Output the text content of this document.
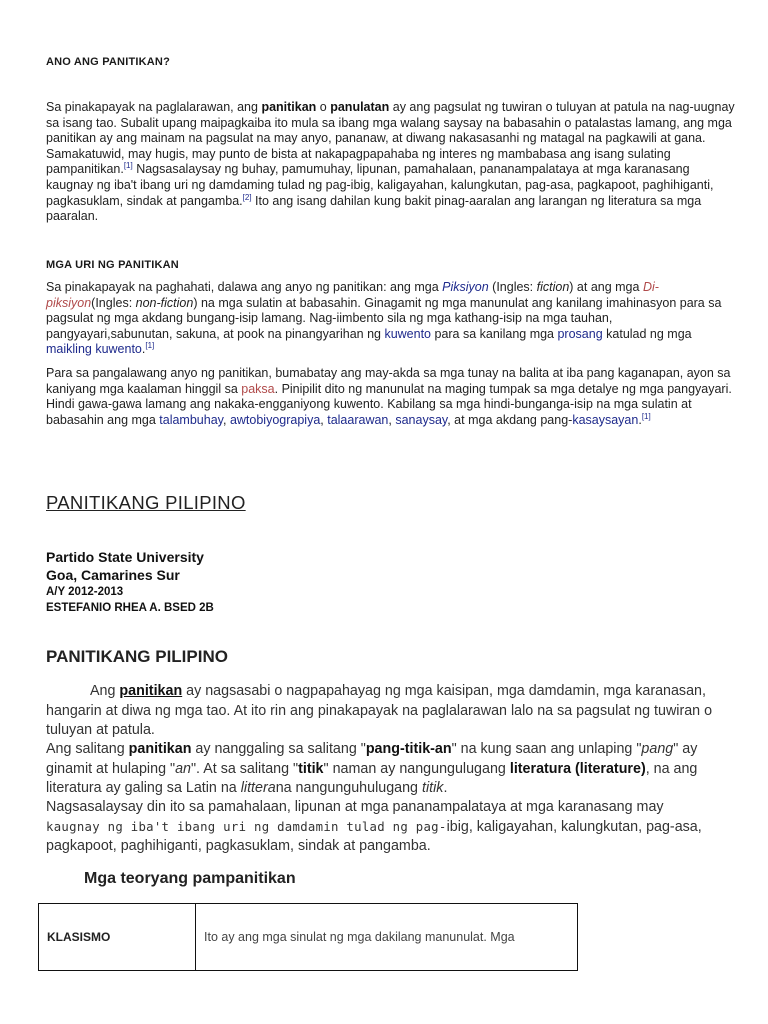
ANO ANG PANITIKAN?
Sa pinakapayak na paglalarawan, ang panitikan o panulatan ay ang pagsulat ng tuwiran o tuluyan at patula na nag-uugnay sa isang tao. Subalit upang maipagkaiba ito mula sa ibang mga walang saysay na babasahin o patalastas lamang, ang mga panitikan ay ang mainam na pagsulat na may anyo, pananaw, at diwang nakasasanhi ng matagal na pagkawili at gana. Samakatuwid, may hugis, may punto de bista at nakapagpapahaba ng interes ng mambabasa ang isang sulating pampanitikan.[1] Nagsasalaysay ng buhay, pamumuhay, lipunan, pamahalaan, pananampalataya at mga karanasang kaugnay ng iba't ibang uri ng damdaming tulad ng pag-ibig, kaligayahan, kalungkutan, pag-asa, pagkapoot, paghihiganti, pagkasuklam, sindak at pangamba.[2] Ito ang isang dahilan kung bakit pinag-aaralan ang larangan ng literatura sa mga paaralan.
MGA URI NG PANITIKAN
Sa pinakapayak na paghahati, dalawa ang anyo ng panitikan: ang mga Piksiyon (Ingles: fiction) at ang mga Di-piksiyon(Ingles: non-fiction) na mga sulatin at babasahin. Ginagamit ng mga manunulat ang kanilang imahinasyon para sa pagsulat ng mga akdang bungang-isip lamang. Nag-iimbento sila ng mga kathang-isip na mga tauhan, pangyayari,sabunutan, sakuna, at pook na pinangyarihan ng kuwento para sa kanilang mga prosang katulad ng mga maikling kuwento.[1]
Para sa pangalawang anyo ng panitikan, bumabatay ang may-akda sa mga tunay na balita at iba pang kaganapan, ayon sa kaniyang mga kaalaman hinggil sa paksa. Pinipilit dito ng manunulat na maging tumpak sa mga detalye ng mga pangyayari. Hindi gawa-gawa lamang ang nakaka-engganiyong kuwento. Kabilang sa mga hindi-bunganga-isip na mga sulatin at babasahin ang mga talambuhay, awtobiyograpiya, talaarawan, sanaysay, at mga akdang pang-kasaysayan.[1]
PANITIKANG PILIPINO
Partido State University
Goa, Camarines Sur
A/Y 2012-2013
ESTEFANIO RHEA A. BSED 2B
PANITIKANG PILIPINO
Ang panitikan ay nagsasabi o nagpapahayag ng mga kaisipan, mga damdamin, mga karanasan, hangarin at diwa ng mga tao. At ito rin ang pinakapayak na paglalarawan lalo na sa pagsulat ng tuwiran o tuluyan at patula.
Ang salitang panitikan ay nanggaling sa salitang "pang-titik-an" na kung saan ang unlaping "pang" ay ginamit at hulaping "an". At sa salitang "titik" naman ay nangungulugang literatura (literature), na ang literatura ay galing sa Latin na litterana nangunguhulugang titik.
Nagsasalaysay din ito sa pamahalaan, lipunan at mga pananampalataya at mga karanasang may
kaugnay ng iba't ibang uri ng damdamin tulad ng pag-ibig, kaligayahan, kalungkutan, pag-asa, pagkapoot, paghihiganti, pagkasuklam, sindak at pangamba.
Mga teoryang pampanitikan
KLASISMO	Ito ay ang mga sinulat ng mga dakilang manunulat. Mga
